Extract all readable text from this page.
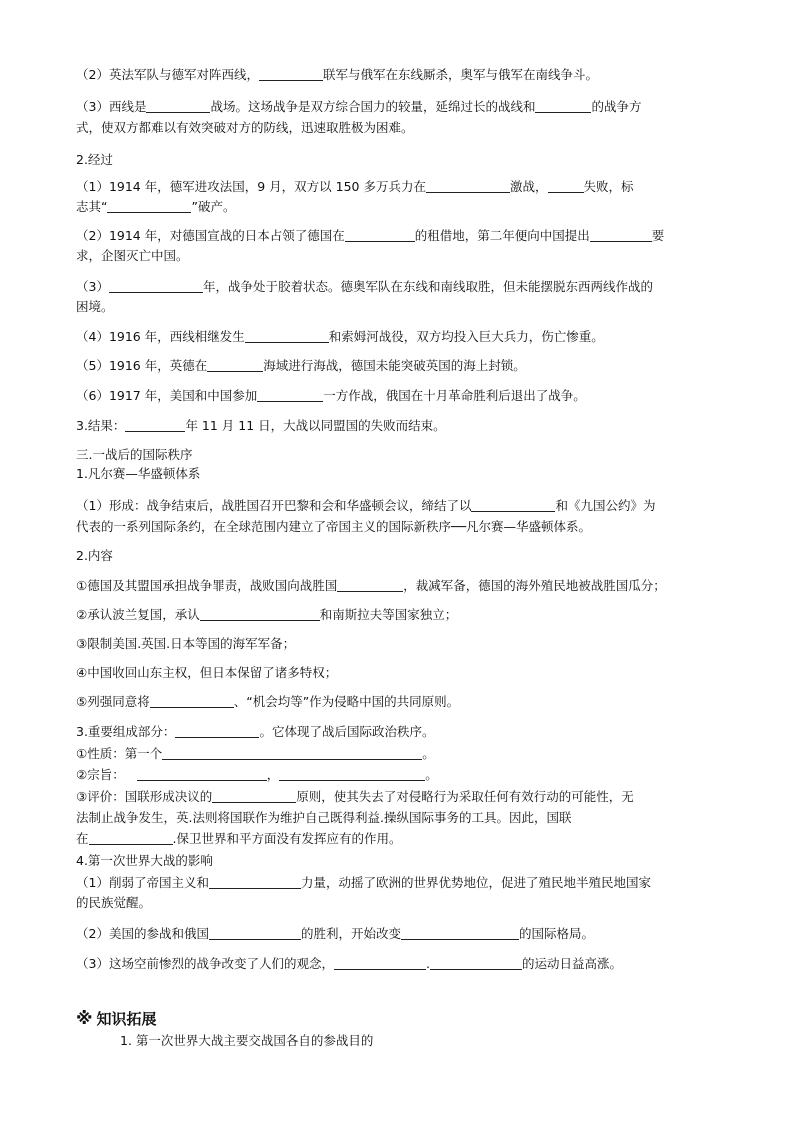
（2）英法军队与德军对阵西线，	联军与俄军在东线厮杀，奥军与俄军在南线争斗。
（3）西线是	战场。这场战争是双方综合国力的较量，延绵过长的战线和	的战争方
式，使双方都难以有效突破对方的防线，迅速取胜极为困难。
2.经过
（1）1914 年，德军进攻法国，9 月，双方以 150 多万兵力在	激战，	失败，标
志其“	”破产。
（2）1914 年，对德国宣战的日本占领了德国在	的租借地，第二年便向中国提出	要
求，企图灭亡中国。
（3）	年，战争处于胶着状态。德奥军队在东线和南线取胜，但未能摆脱东西两线作战的
困境。
（4）1916 年，西线相继发生	和索姆河战役，双方均投入巨大兵力，伤亡惨重。
（5）1916 年，英德在	海域进行海战，德国未能突破英国的海上封锁。
（6）1917 年，美国和中国参加	一方作战，俄国在十月革命胜利后退出了战争。
3.结果：	年 11 月 11 日，大战以同盟国的失败而结束。
三.一战后的国际秩序
1.凡尔赛—华盛顿体系
（1）形成：战争结束后，战胜国召开巴黎和会和华盛顿会议，缔结了以	和《九国公约》为
代表的一系列国际条约，在全球范围内建立了帝国主义的国际新秩序──凡尔赛—华盛顿体系。
2.内容
①德国及其盟国承担战争罪责，战败国向战胜国	，裁减军备，德国的海外殖民地被战胜国瓜分；
②承认波兰复国，承认	和南斯拉夫等国家独立；
③限制美国.英国.日本等国的海军军备；
④中国收回山东主权，但日本保留了诸多特权；
⑤列强同意将	、“机会均等”作为侵略中国的共同原则。
3.重要组成部分：	。它体现了战后国际政治秩序。
①性质：第一个	。
②宗旨：	，	。
③评价：国联形成决议的	原则，使其失去了对侵略行为采取任何有效行动的可能性，无
法制止战争发生，英.法则将国联作为维护自己既得利益.操纵国际事务的工具。因此，国联
在	.保卫世界和平方面没有发挥应有的作用。
4.第一次世界大战的影响
（1）削弱了帝国主义和	力量，动摇了欧洲的世界优势地位，促进了殖民地半殖民地国家
的民族觉醒。
（2）美国的参战和俄国	的胜利，开始改变	的国际格局。
（3）这场空前惨烈的战争改变了人们的观念，	.	的运动日益高涨。
※ 知识拓展
1. 第一次世界大战主要交战国各自的参战目的
